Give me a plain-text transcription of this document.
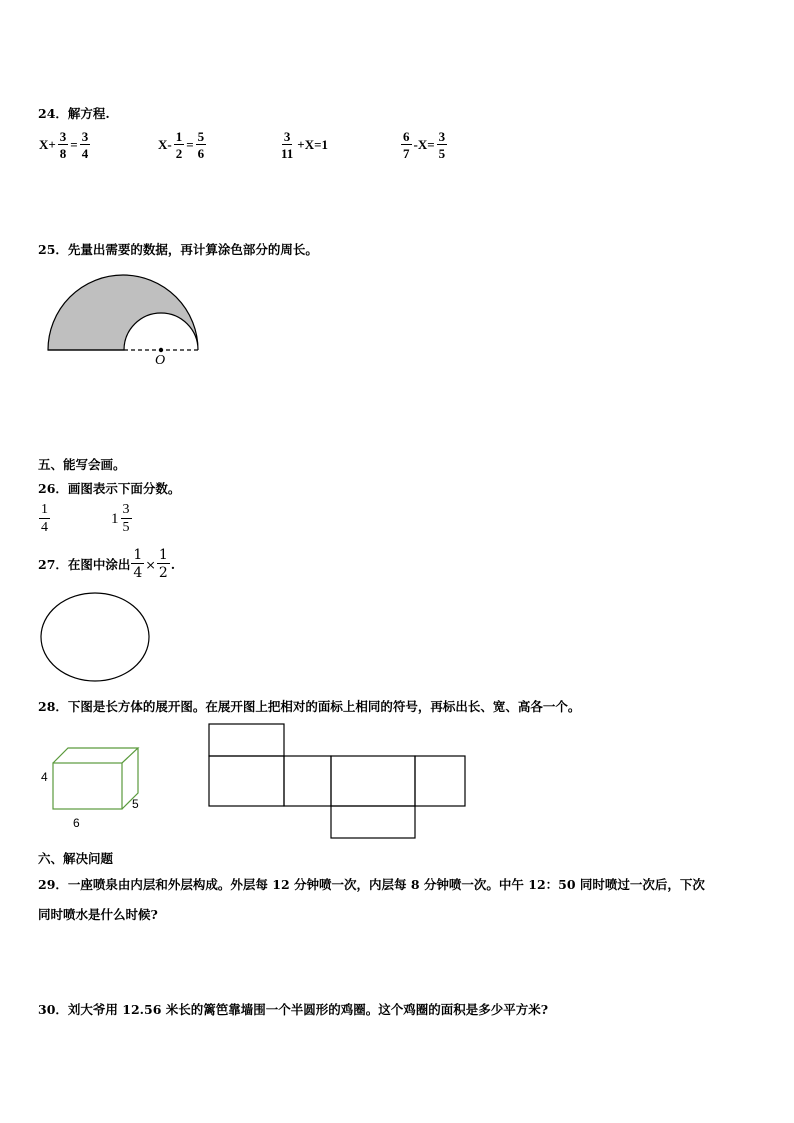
24．解方程.
$X+ \frac{3}{8} = \frac{3}{4}$	$X- \frac{1}{2} = \frac{5}{6}$	$\frac{3}{11} +X=1$	$\frac{6}{7} -X= \frac{3}{5}$
25．先量出需要的数据，再计算涂色部分的周长。
O
五、能写会画。
26．画图表示下面分数。
$\frac{1}{4}$	$1 \frac{3}{5}$
27．在图中涂出 $\frac{1}{4} \times \frac{1}{2}$ .
28．下图是长方体的展开图。在展开图上把相对的面标上相同的符号，再标出长、宽、高各一个。
4
5
6
六、解决问题
29．一座喷泉由内层和外层构成。外层每 12 分钟喷一次，内层每 8 分钟喷一次。中午 12：50 同时喷过一次后，下次
同时喷水是什么时候?
30．刘大爷用 12.56 米长的篱笆靠墙围一个半圆形的鸡圈。这个鸡圈的面积是多少平方米?
